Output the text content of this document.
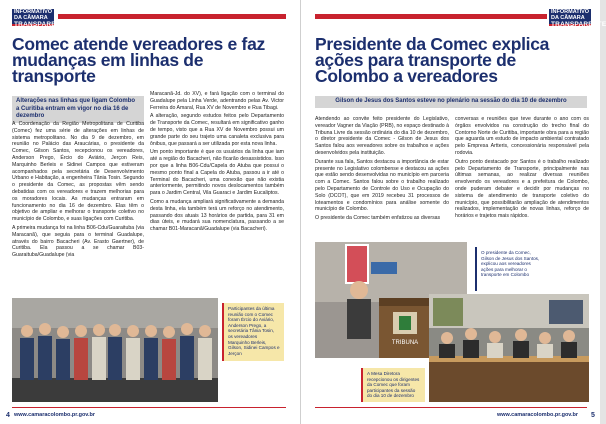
INFORMATIVO DA CÂMARA
TRANSPARENTE
Comec atende vereadores e faz mudanças em linhas de transporte
Alterações nas linhas que ligam Colombo a Curitiba entram em vigor no dia 16 de dezembro

A Coordenação da Região Metropolitana de Curitiba (Comec) fez uma série de alterações em linhas de sistema metropolitano. No dia 9 de dezembro, em reunião no Palácio das Araucárias, o presidente da Comec, Gilson Santos, recepcionou os vereadores, Anderson Prego, Ércio do Aviário, Jerçon Reis, Marquinho Berleis e Sidinei Campos que estiveram acompanhados pela secretária de Desenvolvimento Urbano e Habitação, a engenheira Tânia Tosin. Segundo o presidente da Comec, as propostas vêm sendo debatidas com os vereadores e trazem melhorias para os moradores locais. As mudanças entraram em funcionamento no dia 16 de dezembro. Elas têm o objetivo de ampliar e melhorar o transporte coletivo no município de Colombo, e suas ligações com Curitiba.

A primeira mudança foi na linha B06-Cdu/Guaraituba (via Maracanã), que seguia para o terminal Guadalupe, através do bairro Bacacheri (Av. Erasto Gaertner), de Curitiba. Ela passou a se chamar B03-Guaraituba/Guadalupe (via

Maracanã-Jd. do XV), e fará ligação com o terminal do Guadalupe pela Linha Verde, adentrando pelas Av. Victor Ferreira do Amaral, Rua XV de Novembro e Rua Tibagi.

A alteração, segundo estudos feitos pelo Departamento de Transporte da Comec, resultará em significativo ganho de tempo, visto que a Rua XV de Novembro possui um grande parte do seu trajeto uma canaleta exclusiva para ônibus, que passará a ser utilizada por esta nova linha.

Um ponto importante é que os usuários da linha que iam até a região do Bacacheri, não ficarão desassistidos. Isso por que a linha B06-Cdu/Capela do Atuba que possui o mesmo ponto final a Capela do Atuba, passou a ir até o Terminal do Bacacheri, uma conexão que não existia anteriormente, permitindo novos deslocamentos também para o Jardim Central, Vila Guaraci e Jardim Eucaliptos.

Como a mudança ampliará significativamente a demanda desta linha, ela também terá um reforço no atendimento, passando dos atuais 13 horários de partida, para 31 em dias úteis, e mudará sua nomenclatura, passando a se chamar B01-Maracanã/Guadalupe (via Bacacheri).

Participantes da última reunião com o Comec foram Ércio do Aviário, Anderson Prego, a secretária Tânia Tosin, os vereadores Marquinho Berleis, Gilson, Sidinei Campos e Jerçon
4 www.camaracolombo.pr.gov.br
INFORMATIVO DA CÂMARA
TRANSPARENTE
Presidente da Comec explica ações para transporte de Colombo a vereadores
Gilson de Jesus dos Santos esteve no plenário na sessão do dia 10 de dezembro

Atendendo ao convite feito presidente do Legislativo, vereador Vagner da Viação (PRB), no espaço destinado à Tribuna Livre da sessão ordinária do dia 10 de dezembro, o diretor presidente da Comec - Gilson de Jesus dos Santos falou aos vereadores sobre os trabalhos e ações desenvolvidos pela instituição.

Durante sua fala, Santos destacou a importância de estar presente no Legislativo colombense e destacou as ações que estão sendo desenvolvidas no município em parceria com a Comec. Santos falou sobre o trabalho realizado pelo Departamento de Controle do Uso e Ocupação do Solo (DCOT), que em 2019 recebeu 31 processos de loteamentos e condomínios para análise somente do município de Colombo.

O presidente da Comec também enfatizou as diversas

conversas e reuniões que teve durante o ano com os órgãos envolvidos na construção do trecho final do Contorno Norte de Curitiba, importante obra para a região que aguarda um estudo de impacto ambiental contratado pelo Empresa Artteris, concessionária responsável pela rodovia.

Outro ponto destacado por Santos é o trabalho realizado pelo Departamento de Transporte, principalmente nas últimas semanas, ao realizar diversas reuniões envolvendo os vereadores e a prefeitura de Colombo, onde puderam debater e decidir por mudanças no sistema de atendimento de transporte coletivo do município, que possibilitarão ampliação de atendimentos realizados, implementação de novas linhas, reforço de horários e trajetos mais rápidos.

TRIBUNA
O presidente da Comec, Gilson de Jesus dos Santos, explicou aos vereadores ações para melhorar o transporte em Colombo
A Mesa Diretora recepcionou os dirigentes da Comec que foram participantes da sessão do dia 10 de dezembro
www.camaracolombo.pr.gov.br 5
